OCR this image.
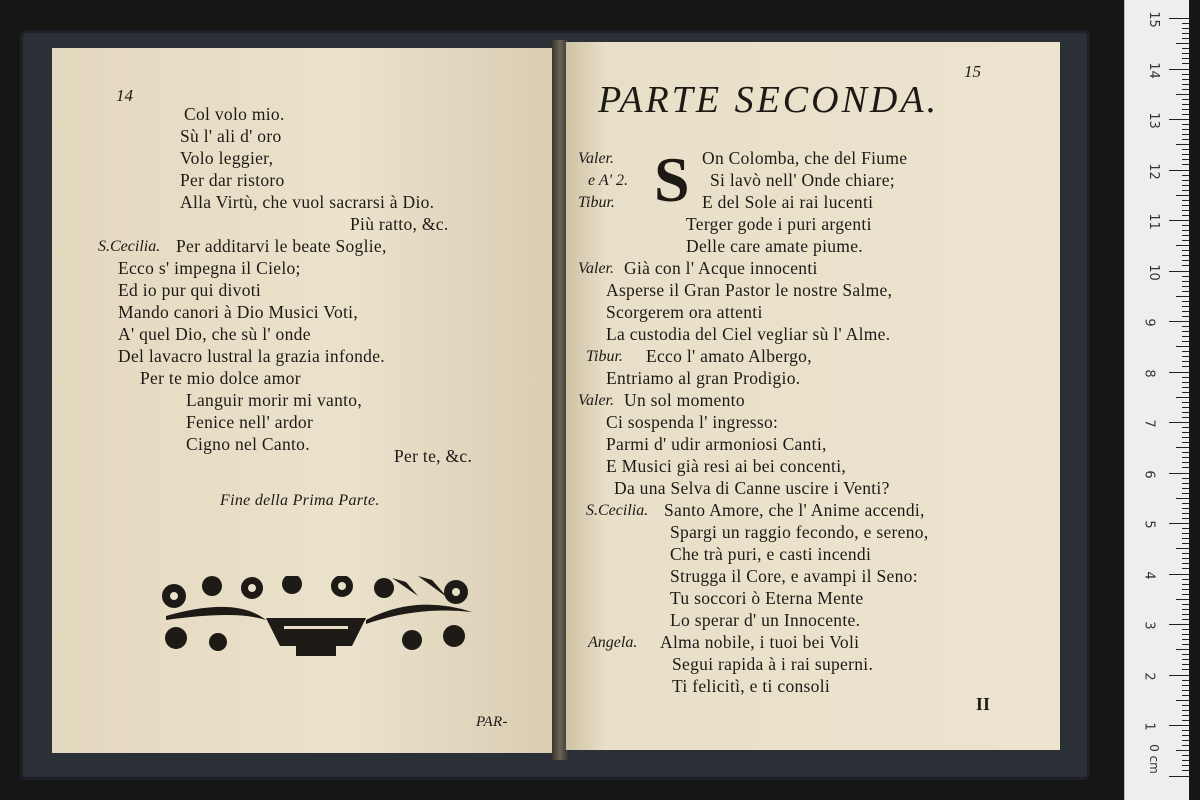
14
Col volo mio.
Sù l' ali d' oro
Volo leggier,
Per dar ristoro
Alla Virtù, che vuol sacrarsi à Dio.
Più ratto, &c.
S.Cecilia. Per additarvi le beate Soglie,
Ecco s' impegna il Cielo;
Ed io pur qui divoti
Mando canori à Dio Musici Voti,
A' quel Dio, che sù l' onde
Del lavacro lustral la grazia infonde.
Per te mio dolce amor
Languir morir mi vanto,
Fenice nell' ardor
Cigno nel Canto.
Per te, &c.
Fine della Prima Parte.
PAR-
15
PARTE SECONDA.
Valer.
e A' 2.
Tibur. S On Colomba, che del Fiume
Si lavò nell' Onde chiare;
E del Sole ai rai lucenti
Terger gode i puri argenti
Delle care amate piume.
Valer. Già con l' Acque innocenti
Asperse il Gran Pastor le nostre Salme,
Scorgerem ora attenti
La custodia del Ciel vegliar sù l' Alme.
Tibur. Ecco l' amato Albergo,
Entriamo al gran Prodigio.
Valer. Un sol momento
Ci sospenda l' ingresso:
Parmi d' udir armoniosi Canti,
E Musici già resi ai bei concenti,
Da una Selva di Canne uscire i Venti?
S.Cecilia. Santo Amore, che l' Anime accendi,
Spargi un raggio fecondo, e sereno,
Che trà puri, e casti incendi
Strugga il Core, e avampi il Seno:
Tu soccori ò Eterna Mente
Lo sperar d' un Innocente.
Angela. Alma nobile, i tuoi bei Voli
Segui rapida à i rai superni.
Ti felicitì, e ti consoli
II
0 cm
15
14
13
12
11
10
9
8
7
6
5
4
3
2
1
